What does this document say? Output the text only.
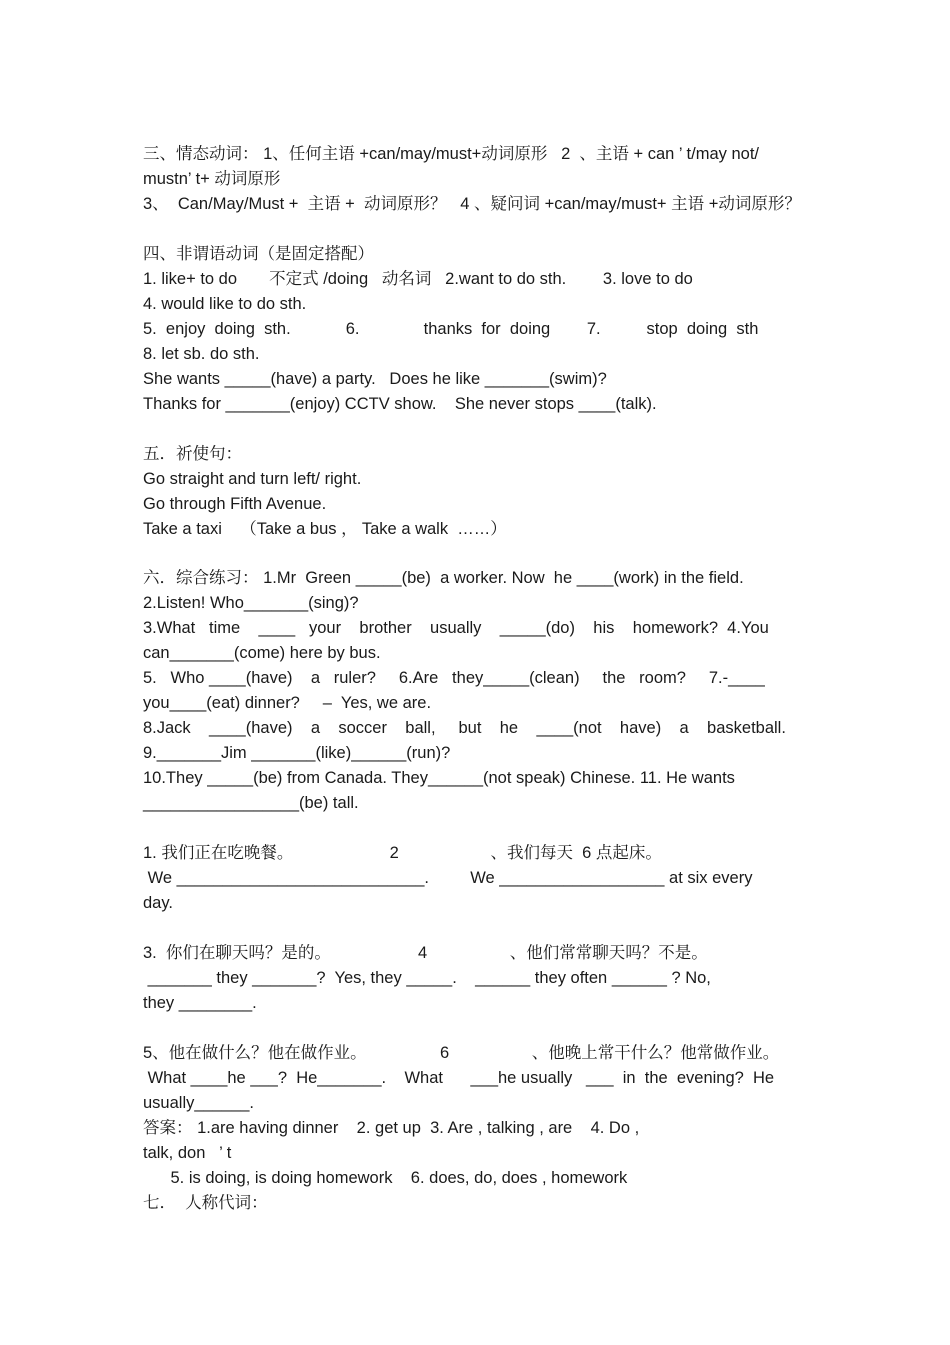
三、情态动词： 1、任何主语 +can/may/must+动词原形   2  、主语 + can ’ t/may not/
mustn’ t+ 动词原形
3、  Can/May/Must +  主语 +  动词原形？   4 、疑问词 +can/may/must+ 主语 +动词原形？
四、非谓语动词（是固定搭配）
1. like+ to do       不定式 /doing   动名词   2.want to do sth.        3. love to do
4. would like to do sth.
5.  enjoy  doing  sth.            6.              thanks  for  doing        7.          stop  doing  sth
8. let sb. do sth.
She wants _____(have) a party.   Does he like _______(swim)?
Thanks for _______(enjoy) CCTV show.    She never stops ____(talk).
五．祈使句：
Go straight and turn left/ right.
Go through Fifth Avenue.
Take a taxi    （Take a bus ， Take a walk  ……）
六．综合练习： 1.Mr  Green _____(be)  a worker. Now  he ____(work) in the field.
2.Listen! Who_______(sing)?
3.What   time    ____   your    brother    usually    _____(do)    his    homework?  4.You
can_______(come) here by bus.
5.   Who ____(have)    a   ruler?     6.Are   they_____(clean)     the   room?     7.-____
you____(eat) dinner?     –  Yes, we are.
8.Jack    ____(have)    a    soccer    ball,     but    he    ____(not    have)    a    basketball.
9._______Jim _______(like)______(run)?
10.They _____(be) from Canada. They______(not speak) Chinese. 11. He wants
_________________(be) tall.
1. 我们正在吃晚餐。                     2                    、我们每天  6 点起床。
We ___________________________.         We __________________ at six every
day.
3.  你们在聊天吗？是的。                   4                  、他们常常聊天吗？不是。
_______ they _______?  Yes, they _____.    ______ they often ______ ? No,
they ________.
5、他在做什么？他在做作业。                6                  、他晚上常干什么？他常做作业。
What ____he ___?  He_______.    What      ___he usually   ___  in  the  evening?  He
usually______.
答案： 1.are having dinner    2. get up  3. Are , talking , are    4. Do ,
talk, don   ’ t
5. is doing, is doing homework    6. does, do, does , homework
七．  人称代词：
